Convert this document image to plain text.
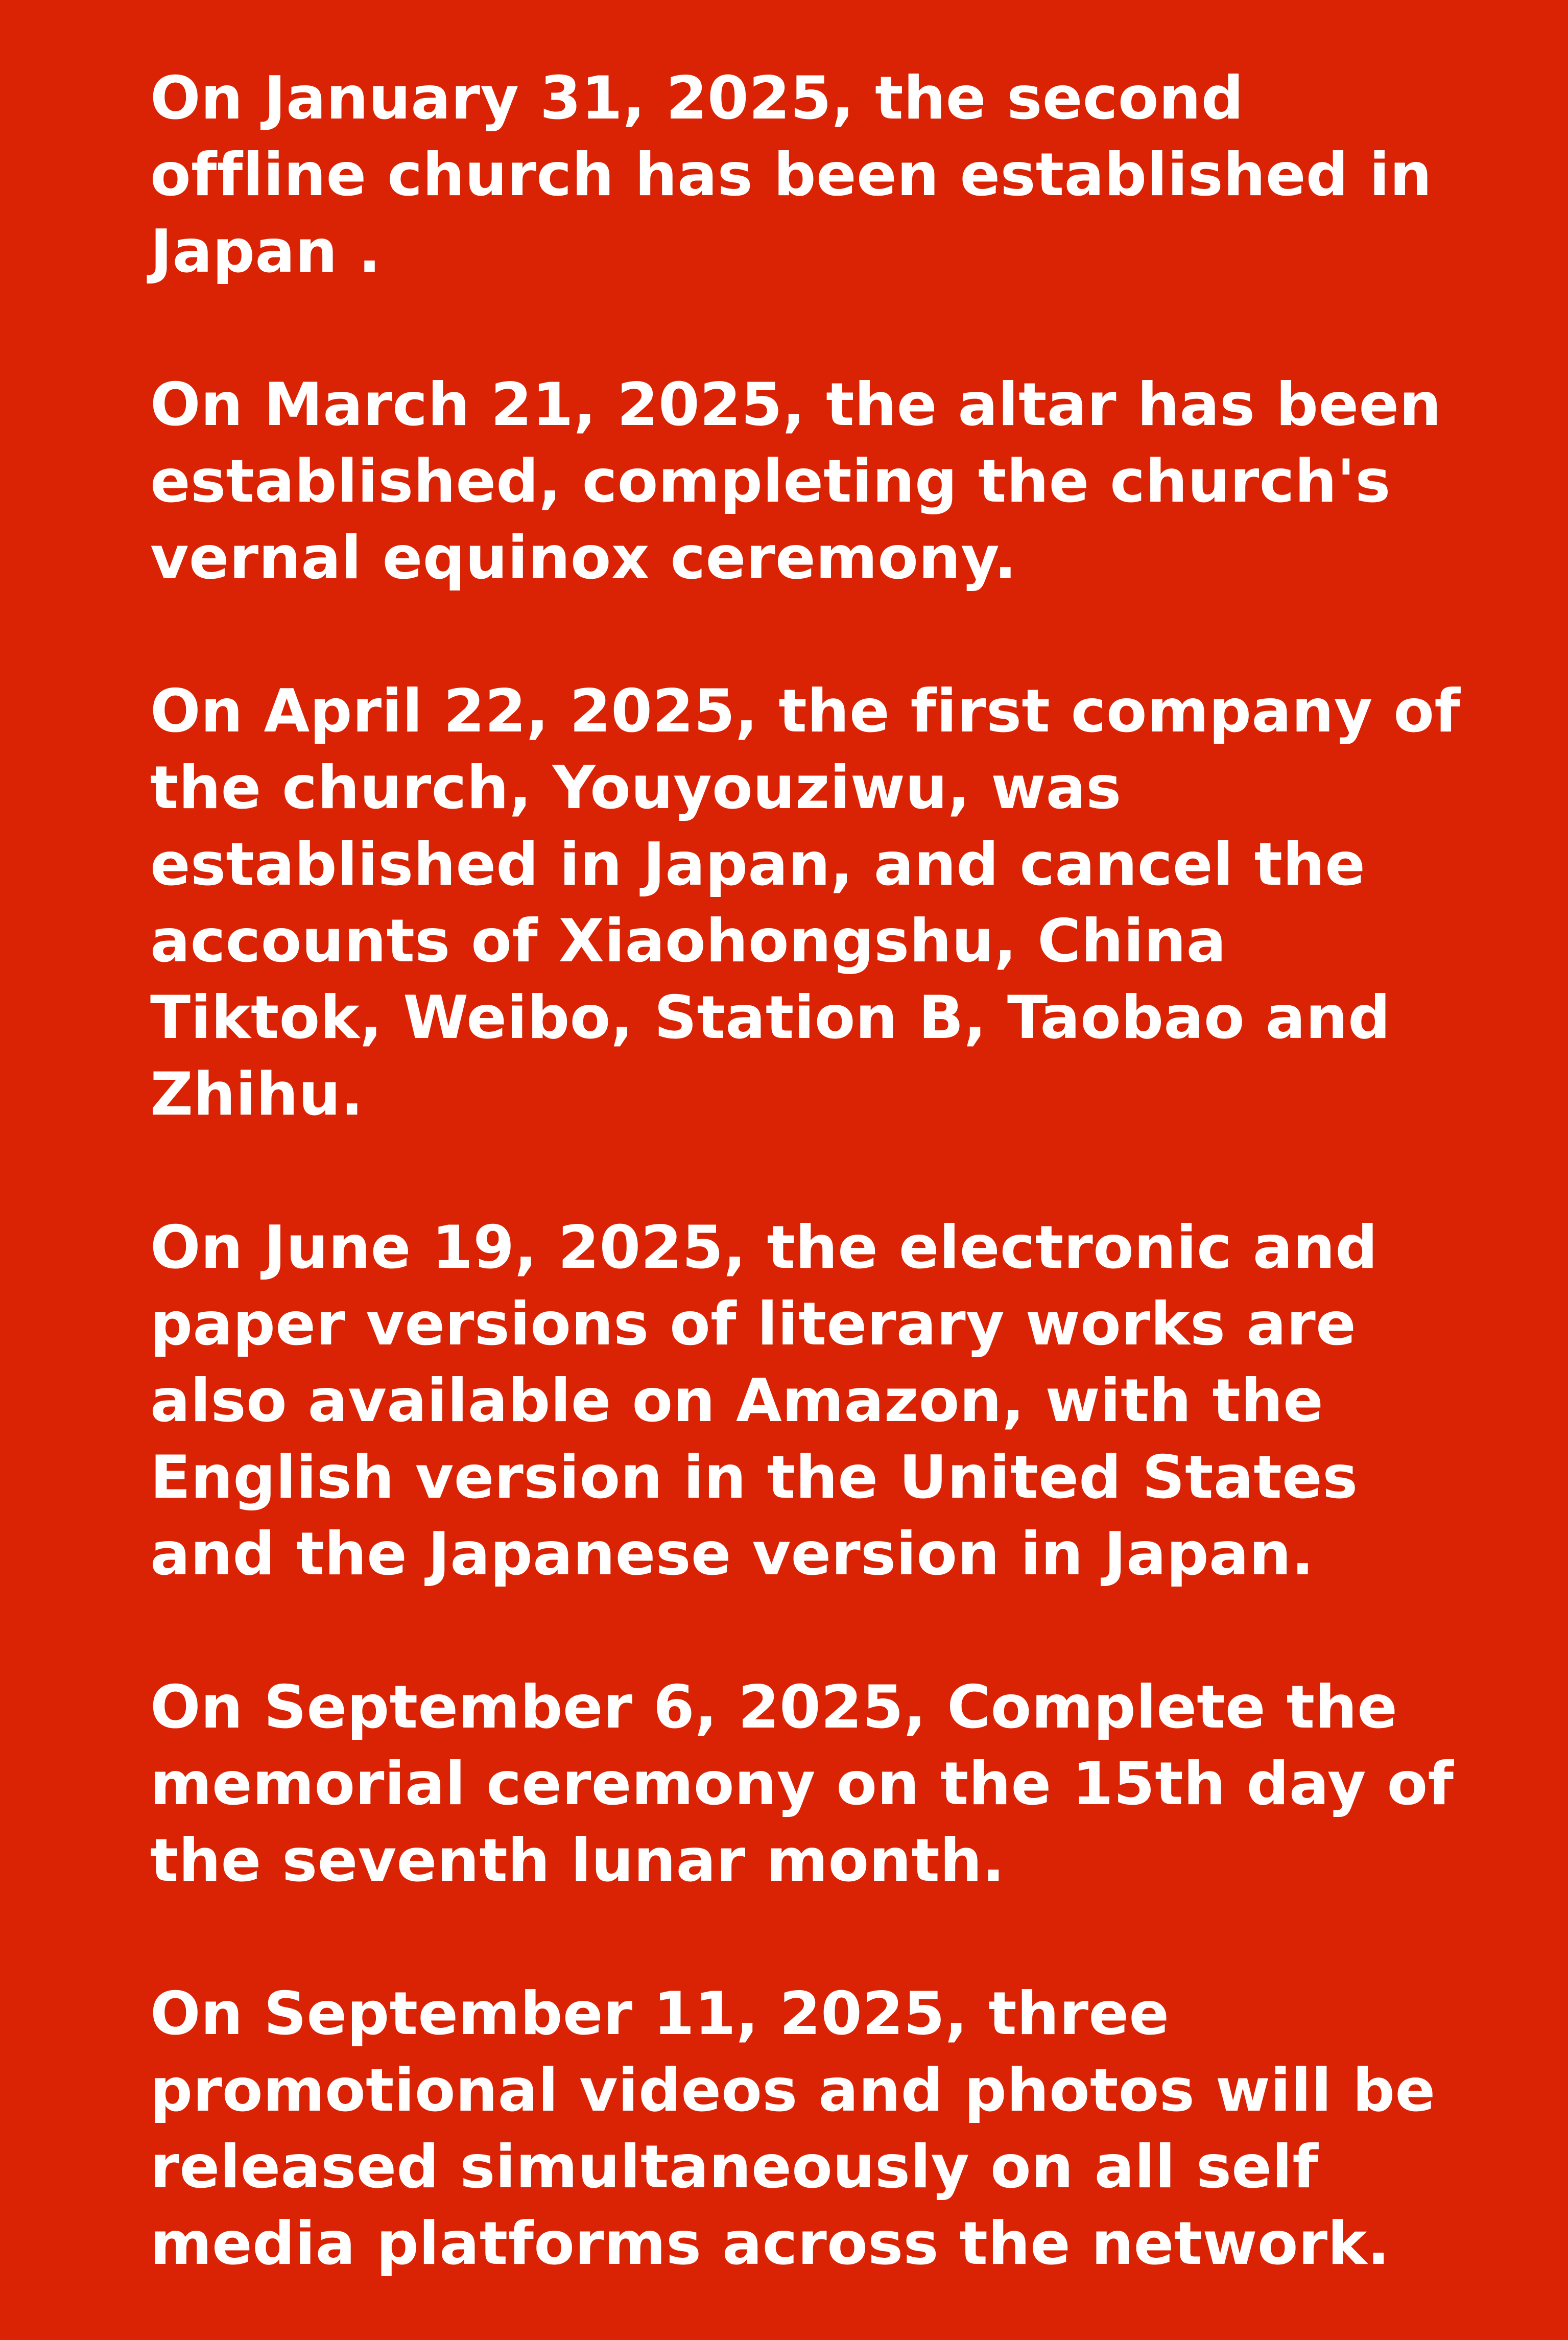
On January 31, 2025, the second
offline church has been established in
Japan .

On March 21, 2025, the altar has been
established, completing the church's
vernal equinox ceremony.

On April 22, 2025, the first company of
the church, Youyouziwu, was
established in Japan, and cancel the
accounts of Xiaohongshu, China
Tiktok, Weibo, Station B, Taobao and
Zhihu.

On June 19, 2025, the electronic and
paper versions of literary works are
also available on Amazon, with the
English version in the United States
and the Japanese version in Japan.

On September 6, 2025, Complete the
memorial ceremony on the 15th day of
the seventh lunar month.

On September 11, 2025, three
promotional videos and photos will be
released simultaneously on all self
media platforms across the network.
